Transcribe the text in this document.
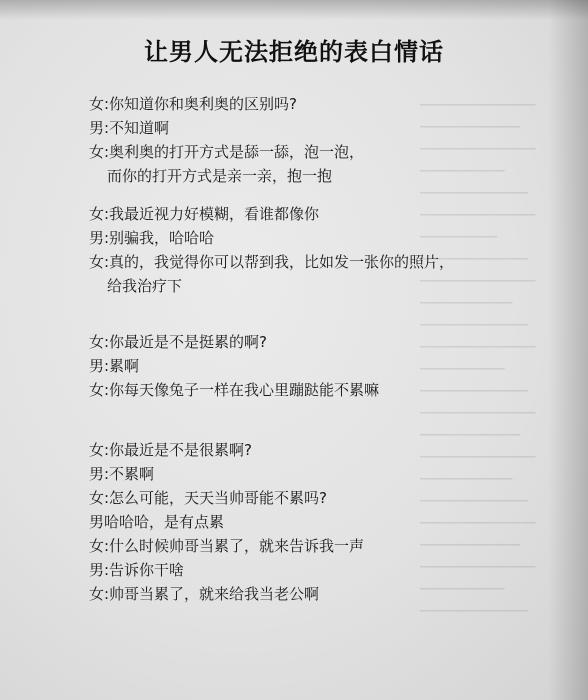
▁▁▁▁▁▁▁▁▁▁▁▁▁▁▁
▁▁▁▁▁▁▁▁▁▁▁▁▁
▁▁▁▁▁▁▁▁▁▁▁▁▁▁▁
▁▁▁▁▁▁▁▁▁▁▁
▁▁▁▁▁▁▁▁▁▁▁▁▁▁
▁▁▁▁▁▁▁▁▁▁▁▁▁▁▁
▁▁▁▁▁▁▁▁▁▁
▁▁▁▁▁▁▁▁▁▁▁▁▁▁
▁▁▁▁▁▁▁▁▁▁▁▁▁▁▁
▁▁▁▁▁▁▁▁▁▁▁▁
▁▁▁▁▁▁▁▁▁▁▁▁▁▁
▁▁▁▁▁▁▁▁▁▁▁▁▁▁▁
▁▁▁▁▁▁▁▁▁▁▁
▁▁▁▁▁▁▁▁▁▁▁▁▁▁
▁▁▁▁▁▁▁▁▁▁▁▁▁▁▁
▁▁▁▁▁▁▁▁▁▁▁▁▁
▁▁▁▁▁▁▁▁▁▁▁▁▁▁▁
▁▁▁▁▁▁▁▁▁▁▁▁
▁▁▁▁▁▁▁▁▁▁▁▁▁▁
▁▁▁▁▁▁▁▁▁▁▁▁▁▁▁
▁▁▁▁▁▁▁▁▁▁▁▁▁
▁▁▁▁▁▁▁▁▁▁▁▁▁▁▁
▁▁▁▁▁▁▁▁▁▁▁
▁▁▁▁▁▁▁▁▁▁▁▁▁▁
让男人无法拒绝的表白情话
女:你知道你和奥利奥的区别吗?
男:不知道啊
女:奥利奥的打开方式是舔一舔，泡一泡，
而你的打开方式是亲一亲，抱一抱
女:我最近视力好模糊，看谁都像你
男:别骗我，哈哈哈
女:真的，我觉得你可以帮到我，比如发一张你的照片，
给我治疗下
女:你最近是不是挺累的啊?
男:累啊
女:你每天像兔子一样在我心里蹦跶能不累嘛
女:你最近是不是很累啊?
男:不累啊
女:怎么可能，天天当帅哥能不累吗?
男哈哈哈，是有点累
女:什么时候帅哥当累了，就来告诉我一声
男:告诉你干啥
女:帅哥当累了，就来给我当老公啊
